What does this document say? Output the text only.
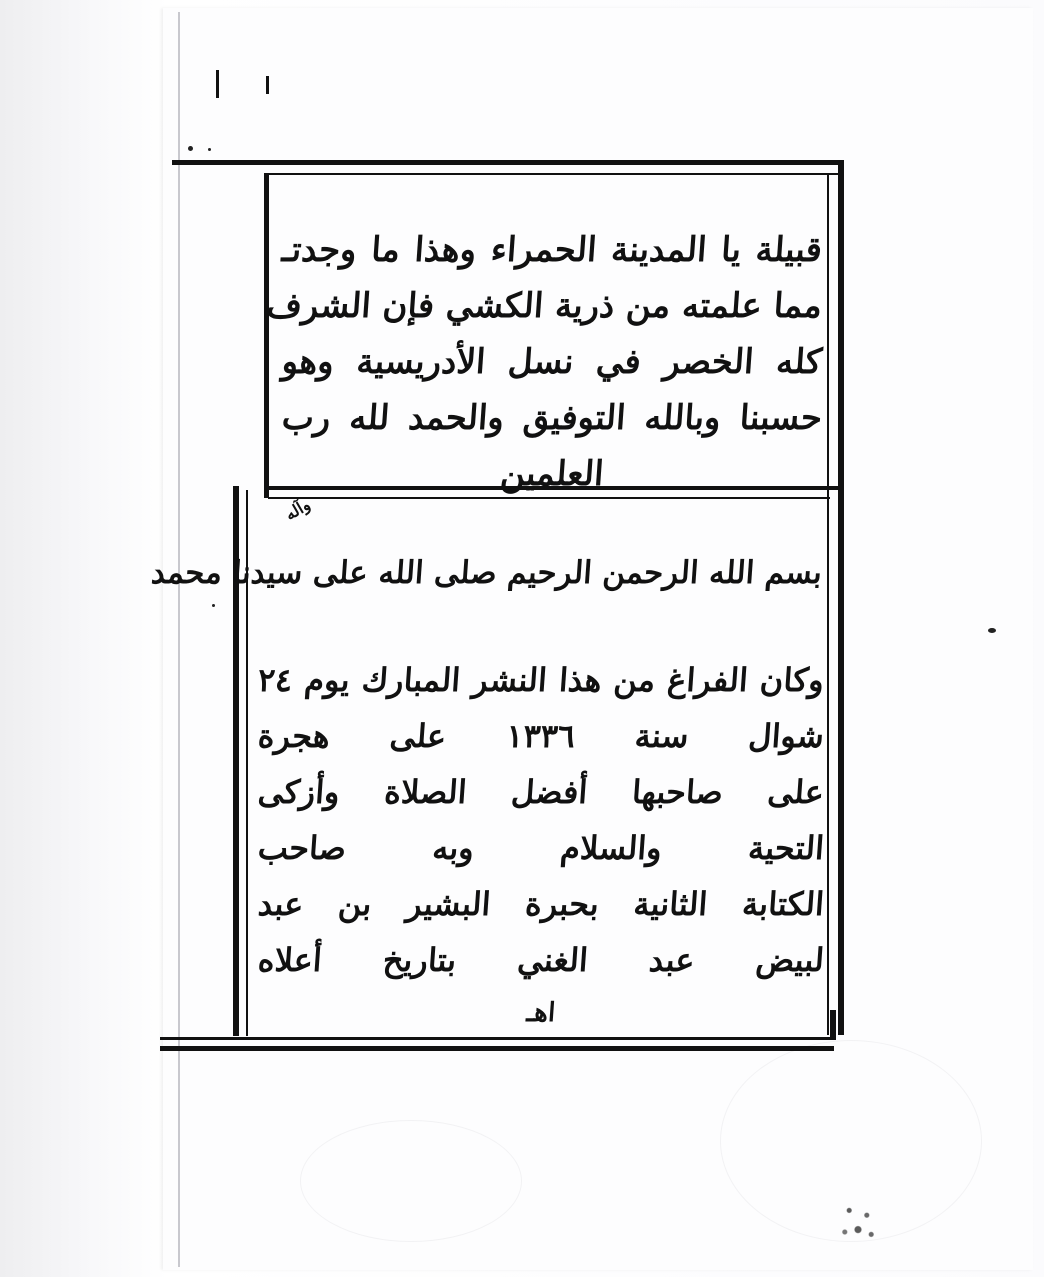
قبيلة يا المدينة الحمراء وهذا ما وجدتـ
مما علمته من ذرية الكشي فإن الشرف
كله الخصر في نسل الأدريسية وهو
حسبنا وبالله التوفيق والحمد لله رب
العلمين
بسم الله الرحمن الرحيم صلى الله على سيدنا محمد
وآله
وكان الفراغ من هذا النشر المبارك يوم ٢٤
شوال سنة ١٣٣٦ على هجرة
على صاحبها أفضل الصلاة وأزكى
التحية والسلام وبه صاحب
الكتابة الثانية بحبرة البشير بن عبد
لبيض عبد الغني بتاريخ أعلاه
اهـ
